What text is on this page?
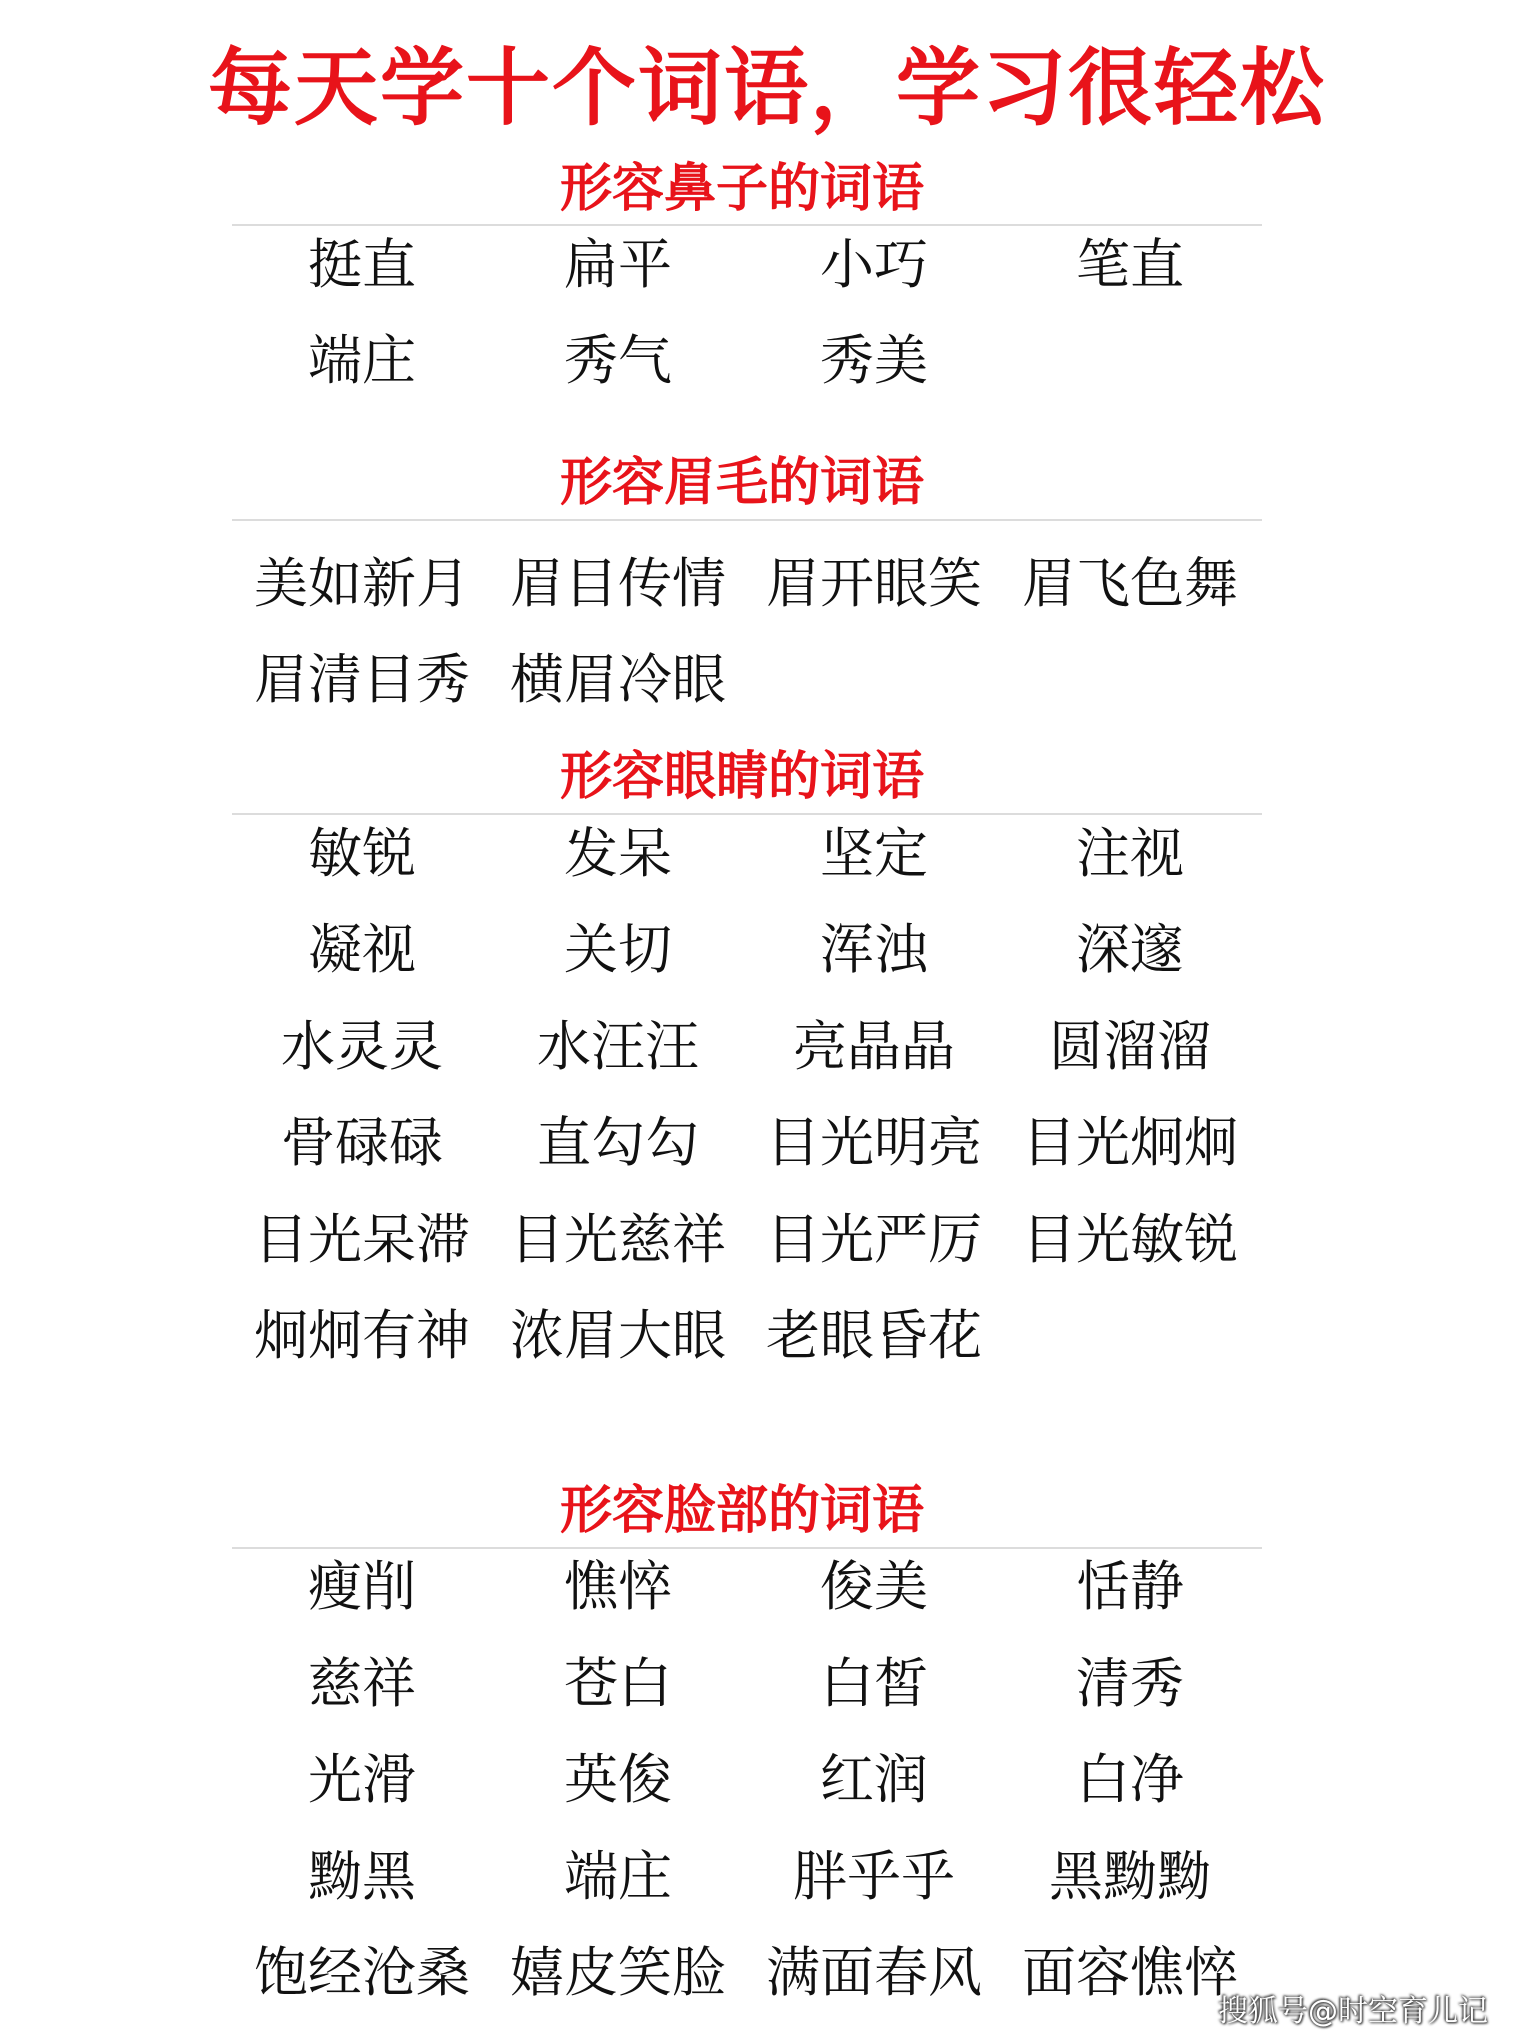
每天学十个词语，学习很轻松
形容鼻子的词语
挺直	扁平	小巧	笔直
端庄	秀气	秀美
形容眉毛的词语
美如新月 眉目传情 眉开眼笑 眉飞色舞
眉清目秀 横眉冷眼
形容眼睛的词语
敏锐	发呆	坚定	注视
凝视	关切	浑浊	深邃
水灵灵	水汪汪	亮晶晶	圆溜溜
骨碌碌	直勾勾	目光明亮 目光炯炯
目光呆滞 目光慈祥 目光严厉 目光敏锐
炯炯有神 浓眉大眼 老眼昏花
形容脸部的词语
瘦削	憔悴	俊美	恬静
慈祥	苍白	白皙	清秀
光滑	英俊	红润	白净
黝黑	端庄	胖乎乎	黑黝黝
饱经沧桑 嬉皮笑脸 满面春风 面容憔悴
搜狐号@时空育儿记
